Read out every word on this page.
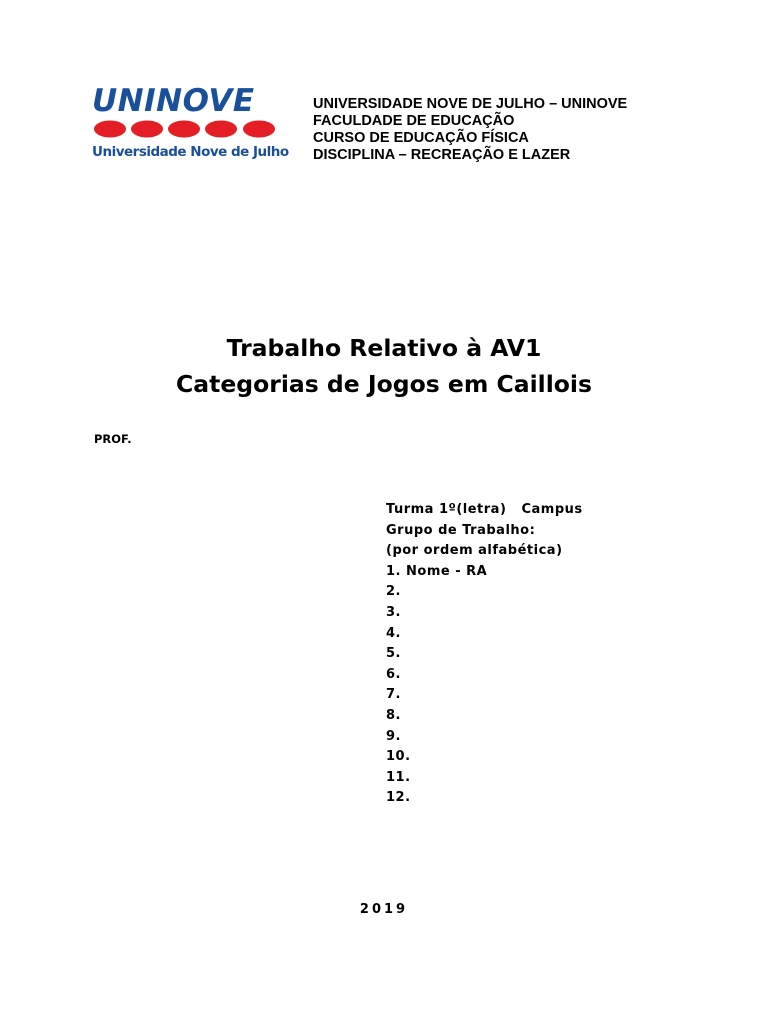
UNINOVE
Universidade Nove de Julho
UNIVERSIDADE NOVE DE JULHO – UNINOVE
FACULDADE DE EDUCAÇÃO
CURSO DE EDUCAÇÃO FÍSICA
DISCIPLINA – RECREAÇÃO E LAZER
Trabalho Relativo à AV1
Categorias de Jogos em Caillois
PROF.
Turma 1º(letra)   Campus
Grupo de Trabalho:
(por ordem alfabética)
1. Nome - RA
2.
3.
4.
5.
6.
7.
8.
9.
10.
11.
12.
2019
